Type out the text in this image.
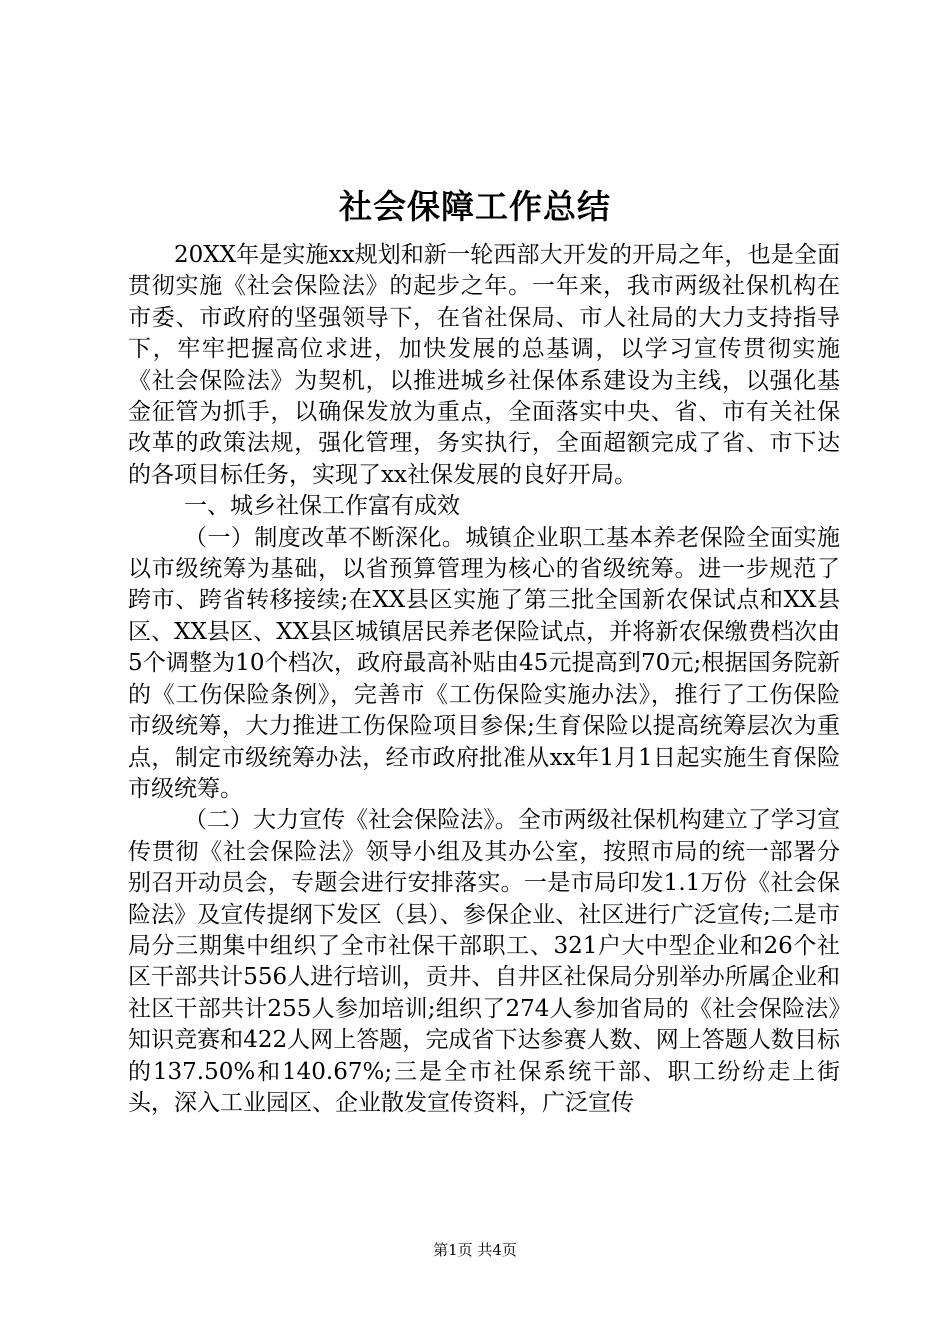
社会保障工作总结

20XX年是实施xx规划和新一轮西部大开发的开局之年，也是全面贯彻实施《社会保险法》的起步之年。一年来，我市两级社保机构在市委、市政府的坚强领导下，在省社保局、市人社局的大力支持指导下，牢牢把握高位求进，加快发展的总基调，以学习宣传贯彻实施《社会保险法》为契机，以推进城乡社保体系建设为主线，以强化基金征管为抓手，以确保发放为重点，全面落实中央、省、市有关社保改革的政策法规，强化管理，务实执行，全面超额完成了省、市下达的各项目标任务，实现了xx社保发展的良好开局。

一、城乡社保工作富有成效

（一）制度改革不断深化。城镇企业职工基本养老保险全面实施以市级统筹为基础，以省预算管理为核心的省级统筹。进一步规范了跨市、跨省转移接续;在XX县区实施了第三批全国新农保试点和XX县区、XX县区、XX县区城镇居民养老保险试点，并将新农保缴费档次由5个调整为10个档次，政府最高补贴由45元提高到70元;根据国务院新的《工伤保险条例》，完善市《工伤保险实施办法》，推行了工伤保险市级统筹，大力推进工伤保险项目参保;生育保险以提高统筹层次为重点，制定市级统筹办法，经市政府批准从xx年1月1日起实施生育保险市级统筹。

（二）大力宣传《社会保险法》。全市两级社保机构建立了学习宣传贯彻《社会保险法》领导小组及其办公室，按照市局的统一部署分别召开动员会，专题会进行安排落实。一是市局印发1.1万份《社会保险法》及宣传提纲下发区（县）、参保企业、社区进行广泛宣传;二是市局分三期集中组织了全市社保干部职工、321户大中型企业和26个社区干部共计556人进行培训，贡井、自井区社保局分别举办所属企业和社区干部共计255人参加培训;组织了274人参加省局的《社会保险法》知识竞赛和422人网上答题，完成省下达参赛人数、网上答题人数目标的137.50%和140.67%;三是全市社保系统干部、职工纷纷走上街头，深入工业园区、企业散发宣传资料，广泛宣传

第1页 共4页
